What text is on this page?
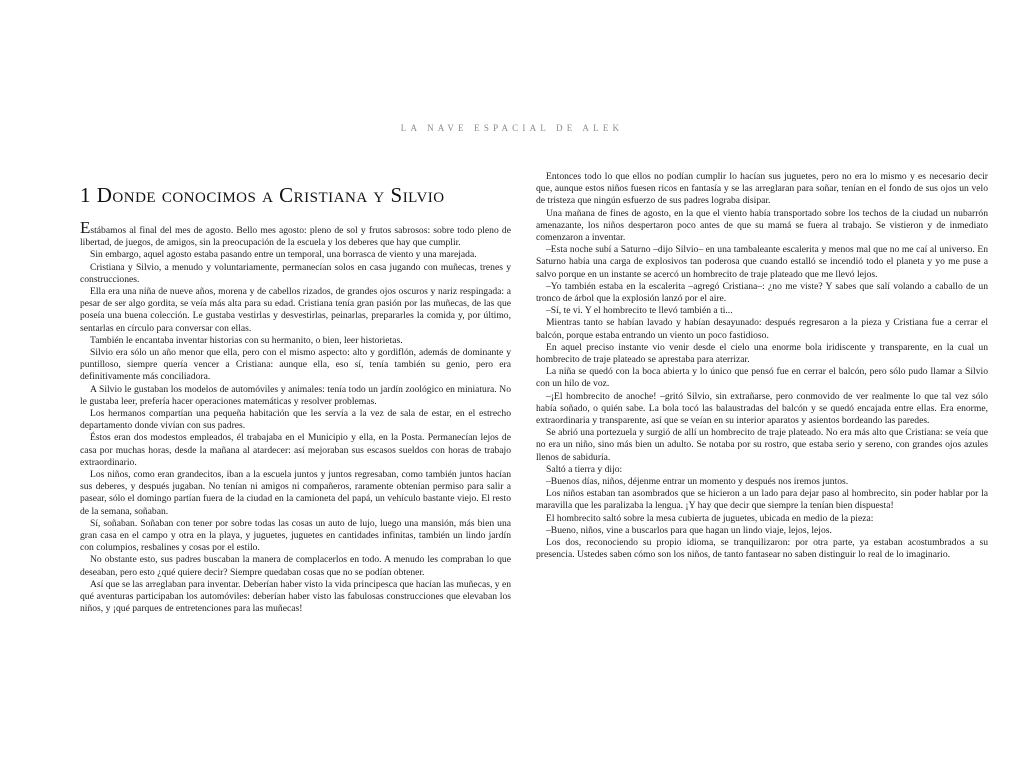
LA NAVE ESPACIAL DE ALEK
1 Donde conocimos a Cristiana y Silvio

Estábamos al final del mes de agosto. Bello mes agosto: pleno de sol y frutos sabrosos: sobre todo pleno de libertad, de juegos, de amigos, sin la preocupación de la escuela y los deberes que hay que cumplir.

Sin embargo, aquel agosto estaba pasando entre un temporal, una borrasca de viento y una marejada.

Cristiana y Silvio, a menudo y voluntariamente, permanecían solos en casa jugando con muñecas, trenes y construcciones.

Ella era una niña de nueve años, morena y de cabellos rizados, de grandes ojos oscuros y nariz respingada: a pesar de ser algo gordita, se veía más alta para su edad. Cristiana tenía gran pasión por las muñecas, de las que poseía una buena colección. Le gustaba vestirlas y desvestirlas, peinarlas, prepararles la comida y, por último, sentarlas en círculo para conversar con ellas.

También le encantaba inventar historias con su hermanito, o bien, leer historietas.

Silvio era sólo un año menor que ella, pero con el mismo aspecto: alto y gordiflón, además de dominante y puntilloso, siempre quería vencer a Cristiana: aunque ella, eso sí, tenía también su genio, pero era definitivamente más conciliadora.

A Silvio le gustaban los modelos de automóviles y animales: tenía todo un jardín zoológico en miniatura. No le gustaba leer, prefería hacer operaciones matemáticas y resolver problemas.

Los hermanos compartían una pequeña habitación que les servía a la vez de sala de estar, en el estrecho departamento donde vivían con sus padres.

Éstos eran dos modestos empleados, él trabajaba en el Municipio y ella, en la Posta. Permanecían lejos de casa por muchas horas, desde la mañana al atardecer: así mejoraban sus escasos sueldos con horas de trabajo extraordinario.

Los niños, como eran grandecitos, iban a la escuela juntos y juntos regresaban, como también juntos hacían sus deberes, y después jugaban. No tenían ni amigos ni compañeros, raramente obtenían permiso para salir a pasear, sólo el domingo partían fuera de la ciudad en la camioneta del papá, un vehículo bastante viejo. El resto de la semana, soñaban.

Sí, soñaban. Soñaban con tener por sobre todas las cosas un auto de lujo, luego una mansión, más bien una gran casa en el campo y otra en la playa, y juguetes, juguetes en cantidades infinitas, también un lindo jardín con columpios, resbalines y cosas por el estilo.

No obstante esto, sus padres buscaban la manera de complacerlos en todo. A menudo les compraban lo que deseaban, pero esto ¿qué quiere decir? Siempre quedaban cosas que no se podían obtener.

Así que se las arreglaban para inventar. Deberían haber visto la vida principesca que hacían las muñecas, y en qué aventuras participaban los automóviles: deberían haber visto las fabulosas construcciones que elevaban los niños, y ¡qué parques de entretenciones para las muñecas!

Entonces todo lo que ellos no podían cumplir lo hacían sus juguetes, pero no era lo mismo y es necesario decir que, aunque estos niños fuesen ricos en fantasía y se las arreglaran para soñar, tenían en el fondo de sus ojos un velo de tristeza que ningún esfuerzo de sus padres lograba disipar.

Una mañana de fines de agosto, en la que el viento había transportado sobre los techos de la ciudad un nubarrón amenazante, los niños despertaron poco antes de que su mamá se fuera al trabajo. Se vistieron y de inmediato comenzaron a inventar.

–Esta noche subí a Saturno –dijo Silvio– en una tambaleante escalerita y menos mal que no me caí al universo. En Saturno había una carga de explosivos tan poderosa que cuando estalló se incendió todo el planeta y yo me puse a salvo porque en un instante se acercó un hombrecito de traje plateado que me llevó lejos.

–Yo también estaba en la escalerita –agregó Cristiana–: ¿no me viste? Y sabes que salí volando a caballo de un tronco de árbol que la explosión lanzó por el aire.

–Sí, te vi. Y el hombrecito te llevó también a ti...

Mientras tanto se habían lavado y habían desayunado: después regresaron a la pieza y Cristiana fue a cerrar el balcón, porque estaba entrando un viento un poco fastidioso.

En aquel preciso instante vio venir desde el cielo una enorme bola iridiscente y transparente, en la cual un hombrecito de traje plateado se aprestaba para aterrizar.

La niña se quedó con la boca abierta y lo único que pensó fue en cerrar el balcón, pero sólo pudo llamar a Silvio con un hilo de voz.

–¡El hombrecito de anoche! –gritó Silvio, sin extrañarse, pero conmovido de ver realmente lo que tal vez sólo había soñado, o quién sabe. La bola tocó las balaustradas del balcón y se quedó encajada entre ellas. Era enorme, extraordinaria y transparente, así que se veían en su interior aparatos y asientos bordeando las paredes.

Se abrió una portezuela y surgió de allí un hombrecito de traje plateado. No era más alto que Cristiana: se veía que no era un niño, sino más bien un adulto. Se notaba por su rostro, que estaba serio y sereno, con grandes ojos azules llenos de sabiduría.

Saltó a tierra y dijo:

–Buenos días, niños, déjenme entrar un momento y después nos iremos juntos.

Los niños estaban tan asombrados que se hicieron a un lado para dejar paso al hombrecito, sin poder hablar por la maravilla que les paralizaba la lengua. ¡Y hay que decir que siempre la tenían bien dispuesta!

El hombrecito saltó sobre la mesa cubierta de juguetes, ubicada en medio de la pieza:

–Bueno, niños, vine a buscarlos para que hagan un lindo viaje, lejos, lejos.

Los dos, reconociendo su propio idioma, se tranquilizaron: por otra parte, ya estaban acostumbrados a su presencia. Ustedes saben cómo son los niños, de tanto fantasear no saben distinguir lo real de lo imaginario.
